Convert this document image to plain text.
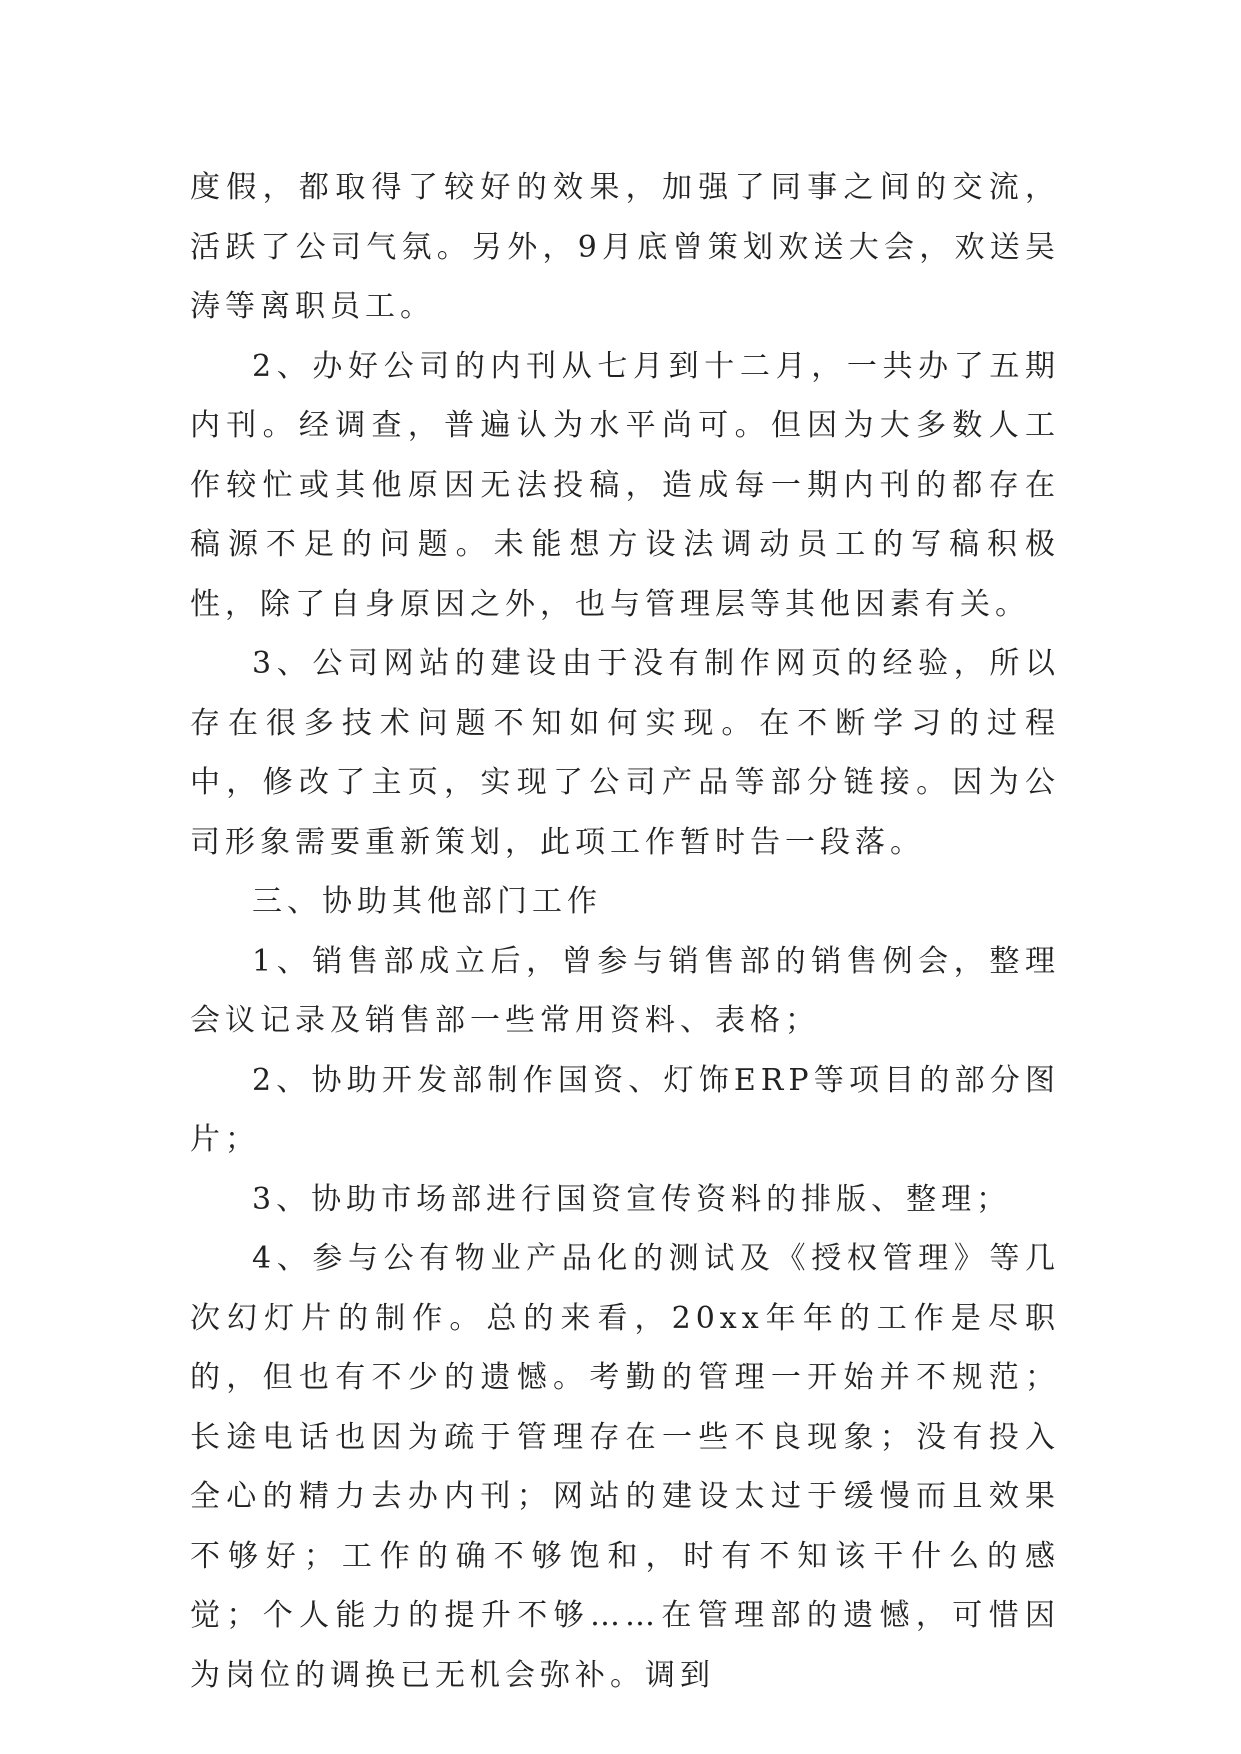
度假，都取得了较好的效果，加强了同事之间的交流，活跃了公司气氛。另外，9月底曾策划欢送大会，欢送吴涛等离职员工。

2、办好公司的内刊从七月到十二月，一共办了五期内刊。经调查，普遍认为水平尚可。但因为大多数人工作较忙或其他原因无法投稿，造成每一期内刊的都存在稿源不足的问题。未能想方设法调动员工的写稿积极性，除了自身原因之外，也与管理层等其他因素有关。

3、公司网站的建设由于没有制作网页的经验，所以存在很多技术问题不知如何实现。在不断学习的过程中，修改了主页，实现了公司产品等部分链接。因为公司形象需要重新策划，此项工作暂时告一段落。

三、协助其他部门工作

1、销售部成立后，曾参与销售部的销售例会，整理会议记录及销售部一些常用资料、表格；

2、协助开发部制作国资、灯饰ERP等项目的部分图片；

3、协助市场部进行国资宣传资料的排版、整理；

4、参与公有物业产品化的测试及《授权管理》等几次幻灯片的制作。总的来看，20xx年年的工作是尽职的，但也有不少的遗憾。考勤的管理一开始并不规范；长途电话也因为疏于管理存在一些不良现象；没有投入全心的精力去办内刊；网站的建设太过于缓慢而且效果不够好；工作的确不够饱和，时有不知该干什么的感觉；个人能力的提升不够……在管理部的遗憾，可惜因为岗位的调换已无机会弥补。调到
